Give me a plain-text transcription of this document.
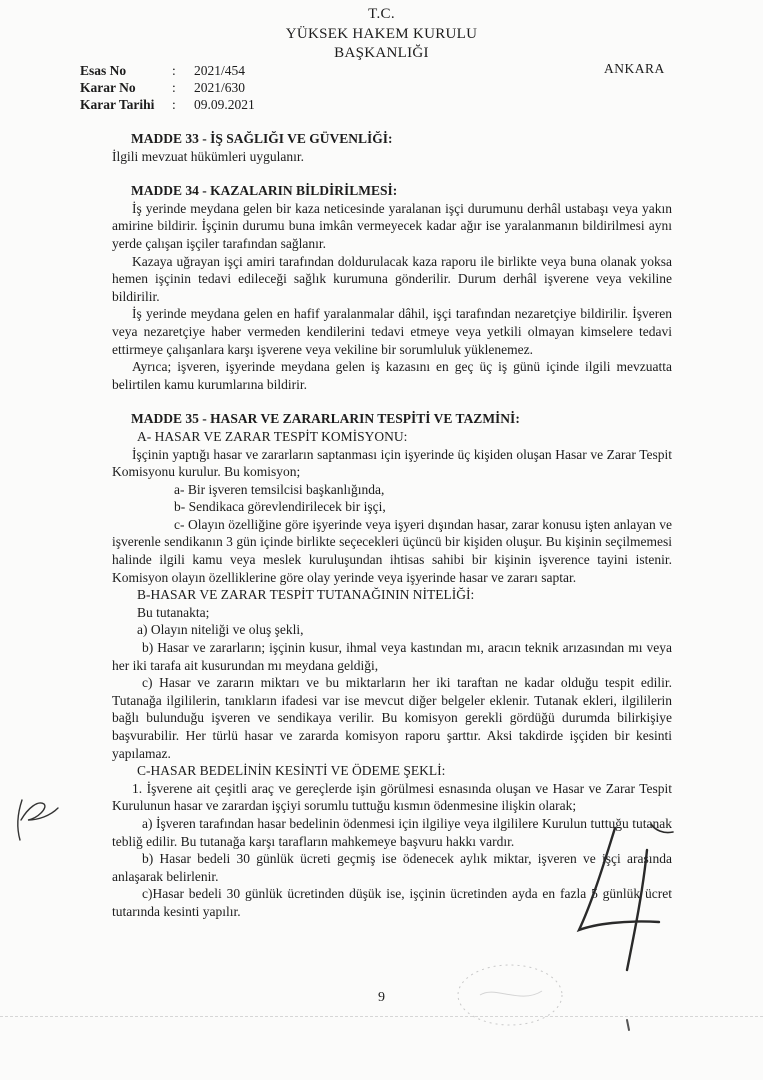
T.C.
YÜKSEK HAKEM KURULU
BAŞKANLIĞI
Esas No	:	2021/454
Karar No	:	2021/630
Karar Tarihi	:	09.09.2021
ANKARA
MADDE 33 - İŞ SAĞLIĞI VE GÜVENLİĞİ:

İlgili mevzuat hükümleri uygulanır.

MADDE 34 - KAZALARIN BİLDİRİLMESİ:

İş yerinde meydana gelen bir kaza neticesinde yaralanan işçi durumunu derhâl ustabaşı veya yakın amirine bildirir. İşçinin durumu buna imkân vermeyecek kadar ağır ise yaralanmanın bildirilmesi aynı yerde çalışan işçiler tarafından sağlanır.

Kazaya uğrayan işçi amiri tarafından doldurulacak kaza raporu ile birlikte veya buna olanak yoksa hemen işçinin tedavi edileceği sağlık kurumuna gönderilir. Durum derhâl işverene veya vekiline bildirilir.

İş yerinde meydana gelen en hafif yaralanmalar dâhil, işçi tarafından nezaretçiye bildirilir. İşveren veya nezaretçiye haber vermeden kendilerini tedavi etmeye veya yetkili olmayan kimselere tedavi ettirmeye çalışanlara karşı işverene veya vekiline bir sorumluluk yüklenemez.

Ayrıca; işveren, işyerinde meydana gelen iş kazasını en geç üç iş günü içinde ilgili mevzuatta belirtilen kamu kurumlarına bildirir.

MADDE 35 - HASAR VE ZARARLARIN TESPİTİ VE TAZMİNİ:
A- HASAR VE ZARAR TESPİT KOMİSYONU:

İşçinin yaptığı hasar ve zararların saptanması için işyerinde üç kişiden oluşan Hasar ve Zarar Tespit Komisyonu kurulur. Bu komisyon;

a- Bir işveren temsilcisi başkanlığında,
b- Sendikaca görevlendirilecek bir işçi,

c- Olayın özelliğine göre işyerinde veya işyeri dışından hasar, zarar konusu işten anlayan ve işverenle sendikanın 3 gün içinde birlikte seçecekleri üçüncü bir kişiden oluşur. Bu kişinin seçilmemesi halinde ilgili kamu veya meslek kuruluşundan ihtisas sahibi bir kişinin işverence tayini istenir. Komisyon olayın özelliklerine göre olay yerinde veya işyerinde hasar ve zararı saptar.

B-HASAR VE ZARAR TESPİT TUTANAĞININ NİTELİĞİ:
Bu tutanakta;
a) Olayın niteliği ve oluş şekli,

b) Hasar ve zararların; işçinin kusur, ihmal veya kastından mı, aracın teknik arızasından mı veya her iki tarafa ait kusurundan mı meydana geldiği,

c) Hasar ve zararın miktarı ve bu miktarların her iki taraftan ne kadar olduğu tespit edilir. Tutanağa ilgililerin, tanıkların ifadesi var ise mevcut diğer belgeler eklenir. Tutanak ekleri, ilgililerin bağlı bulunduğu işveren ve sendikaya verilir. Bu komisyon gerekli gördüğü durumda bilirkişiye başvurabilir. Her türlü hasar ve zararda komisyon raporu şarttır. Aksi takdirde işçiden bir kesinti yapılamaz.

C-HASAR BEDELİNİN KESİNTİ VE ÖDEME ŞEKLİ:

1. İşverene ait çeşitli araç ve gereçlerde işin görülmesi esnasında oluşan ve Hasar ve Zarar Tespit Kurulunun hasar ve zarardan işçiyi sorumlu tuttuğu kısmın ödenmesine ilişkin olarak;

a) İşveren tarafından hasar bedelinin ödenmesi için ilgiliye veya ilgililere Kurulun tuttuğu tutanak tebliğ edilir. Bu tutanağa karşı tarafların mahkemeye başvuru hakkı vardır.

b) Hasar bedeli 30 günlük ücreti geçmiş ise ödenecek aylık miktar, işveren ve işçi arasında anlaşarak belirlenir.

c)Hasar bedeli 30 günlük ücretinden düşük ise, işçinin ücretinden ayda en fazla 5 günlük ücret tutarında kesinti yapılır.

9
